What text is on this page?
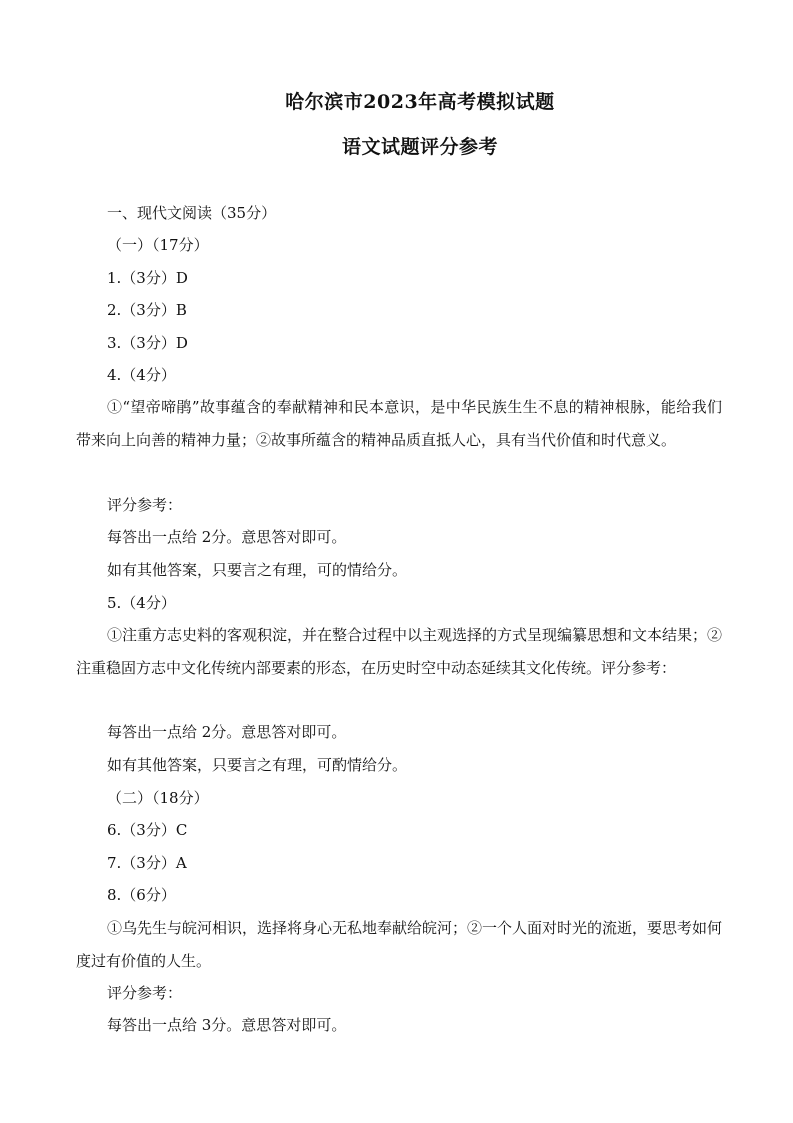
哈尔滨市2023年高考模拟试题
语文试题评分参考
一、现代文阅读（35分）
（一）（17分）
1.（3分）D
2.（3分）B
3.（3分）D
4.（4分）
①“望帝啼鹃”故事蕴含的奉献精神和民本意识，是中华民族生生不息的精神根脉，能给我们带来向上向善的精神力量；②故事所蕴含的精神品质直抵人心，具有当代价值和时代意义。
评分参考：
每答出一点给 2分。意思答对即可。
如有其他答案，只要言之有理，可的情给分。
5.（4分）
①注重方志史料的客观积淀，并在整合过程中以主观选择的方式呈现编纂思想和文本结果；②注重稳固方志中文化传统内部要素的形态，在历史时空中动态延续其文化传统。评分参考：
每答出一点给 2分。意思答对即可。
如有其他答案，只要言之有理，可酌情给分。
（二）（18分）
6.（3分）C
7.（3分）A
8.（6分）
①乌先生与皖河相识，选择将身心无私地奉献给皖河；②一个人面对时光的流逝，要思考如何度过有价值的人生。
评分参考：
每答出一点给 3分。意思答对即可。
